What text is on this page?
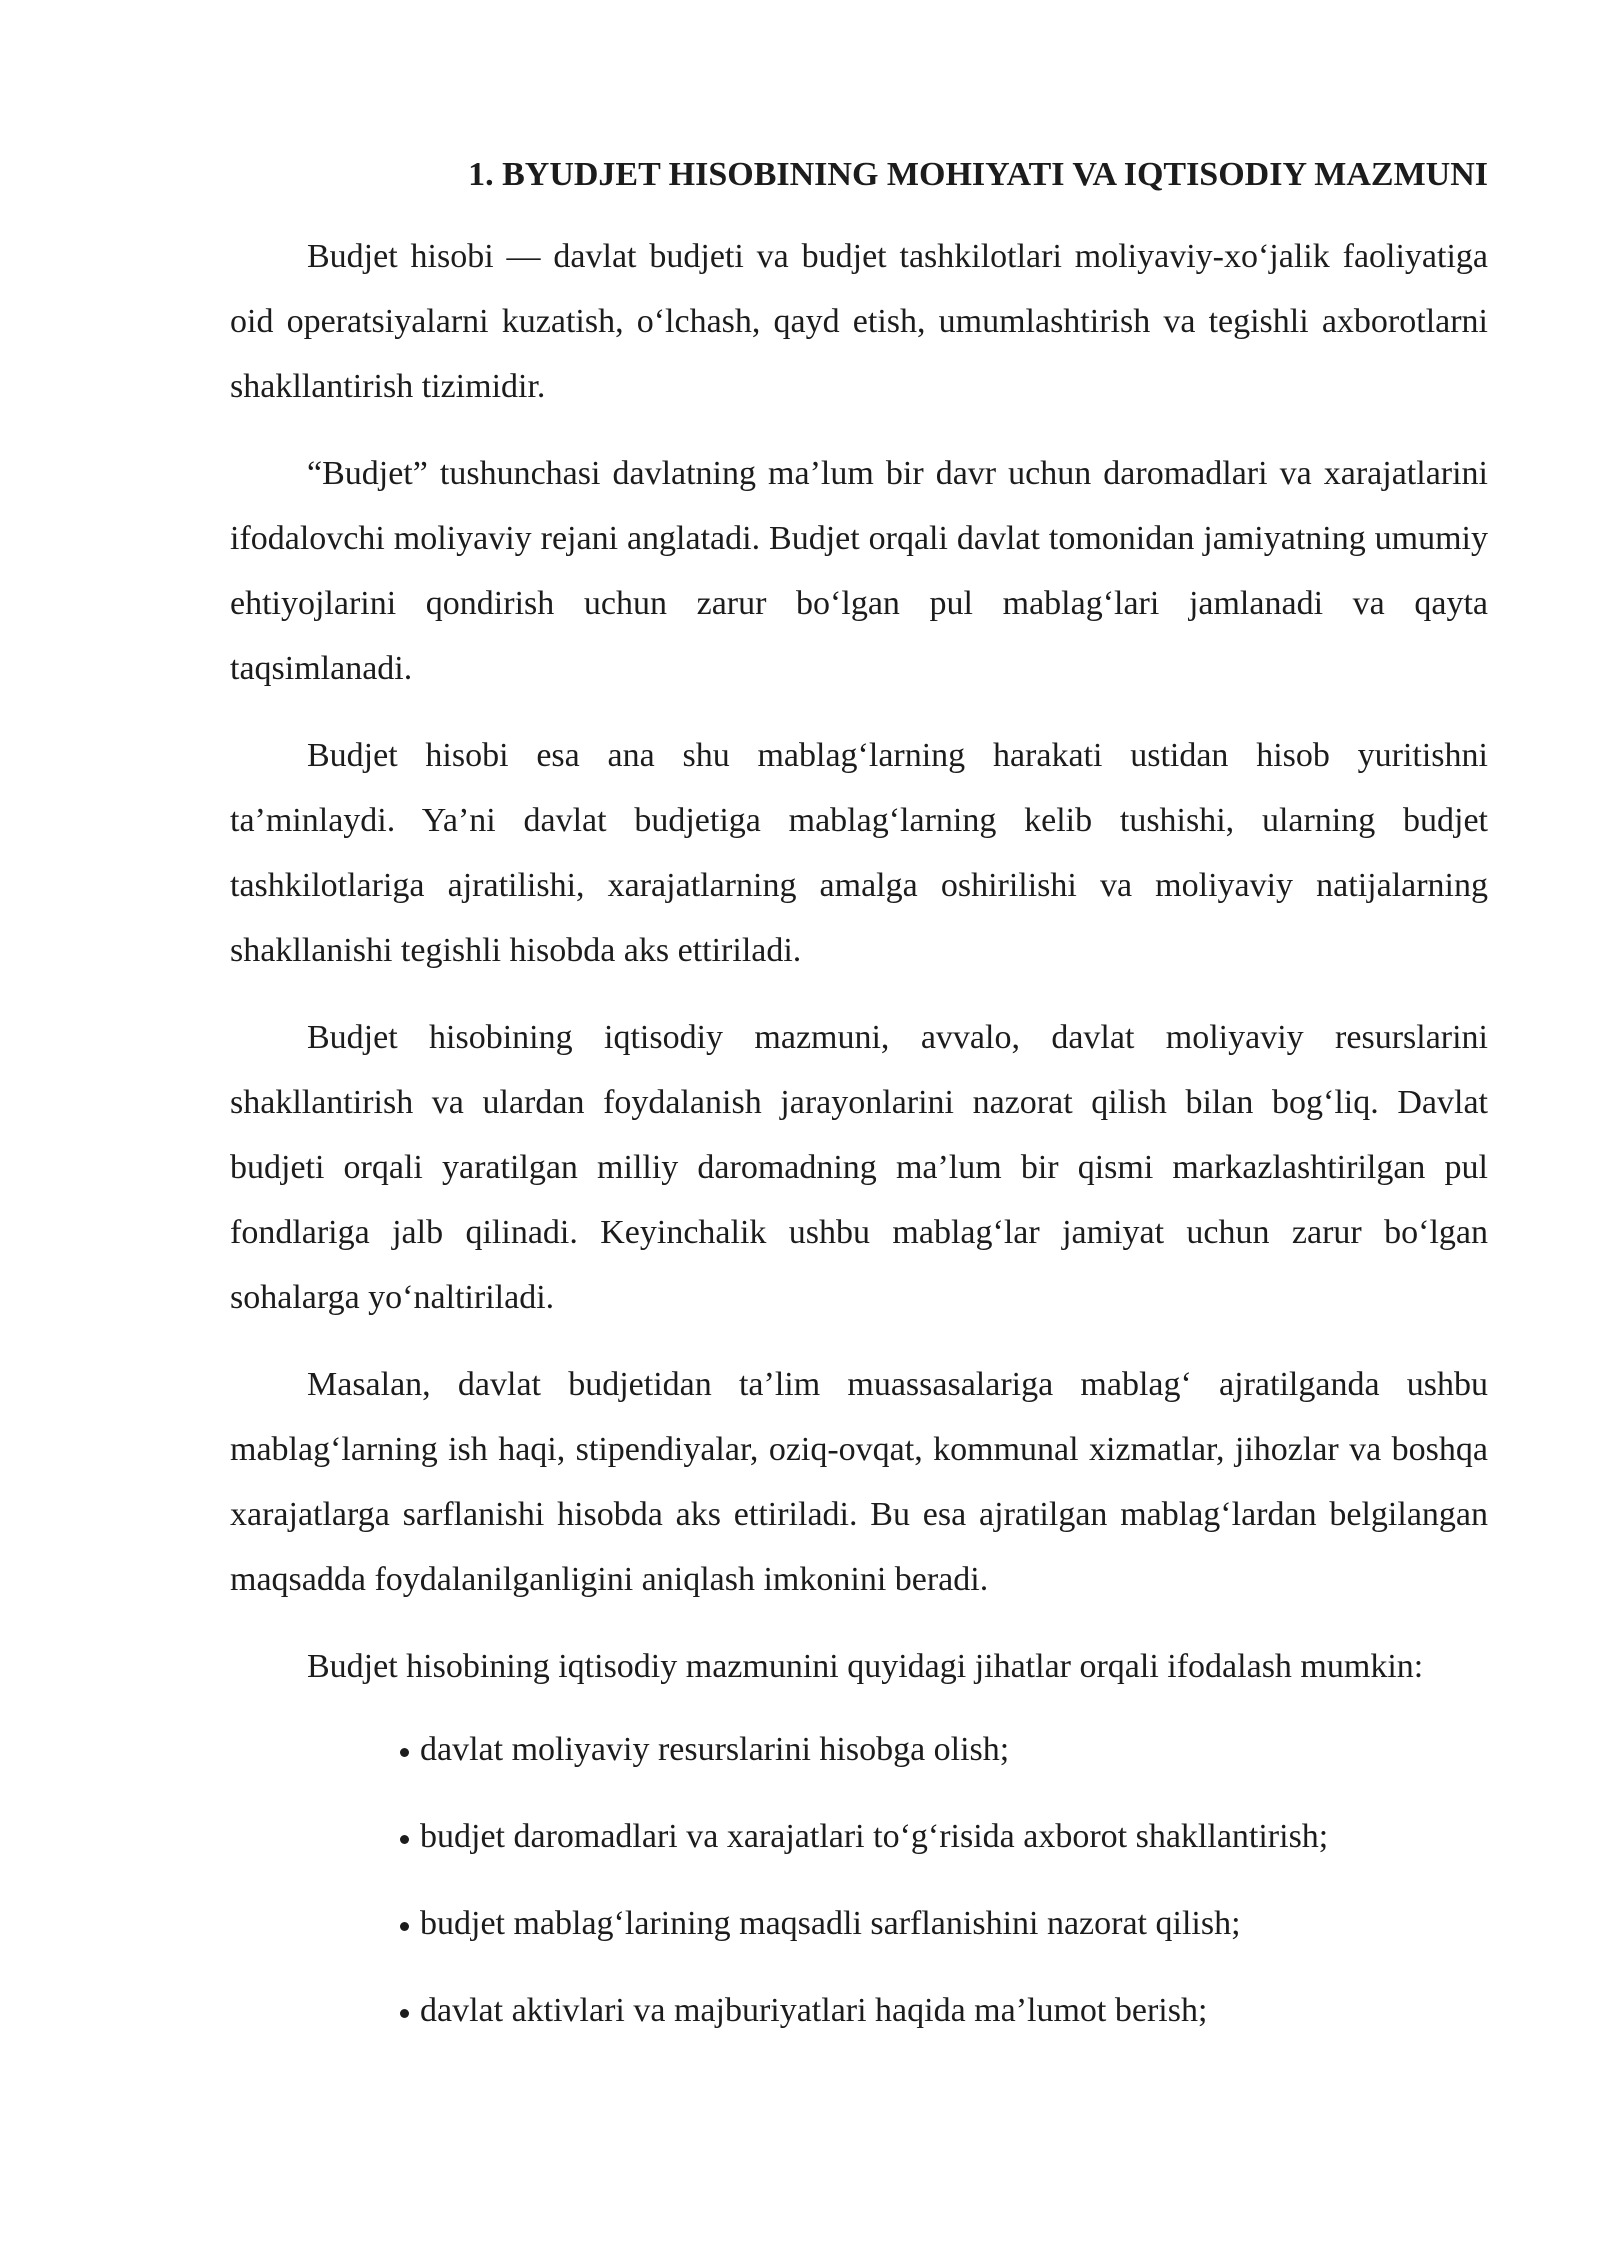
1. BYUDJET HISOBINING MOHIYATI VA IQTISODIY MAZMUNI

Budjet hisobi — davlat budjeti va budjet tashkilotlari moliyaviy-xo‘jalik faoliyatiga oid operatsiyalarni kuzatish, o‘lchash, qayd etish, umumlashtirish va tegishli axborotlarni shakllantirish tizimidir.

“Budjet” tushunchasi davlatning ma’lum bir davr uchun daromadlari va xarajatlarini ifodalovchi moliyaviy rejani anglatadi. Budjet orqali davlat tomonidan jamiyatning umumiy ehtiyojlarini qondirish uchun zarur bo‘lgan pul mablag‘lari jamlanadi va qayta taqsimlanadi.

Budjet hisobi esa ana shu mablag‘larning harakati ustidan hisob yuritishni ta’minlaydi. Ya’ni davlat budjetiga mablag‘larning kelib tushishi, ularning budjet tashkilotlariga ajratilishi, xarajatlarning amalga oshirilishi va moliyaviy natijalarning shakllanishi tegishli hisobda aks ettiriladi.

Budjet hisobining iqtisodiy mazmuni, avvalo, davlat moliyaviy resurslarini shakllantirish va ulardan foydalanish jarayonlarini nazorat qilish bilan bog‘liq. Davlat budjeti orqali yaratilgan milliy daromadning ma’lum bir qismi markazlashtirilgan pul fondlariga jalb qilinadi. Keyinchalik ushbu mablag‘lar jamiyat uchun zarur bo‘lgan sohalarga yo‘naltiriladi.

Masalan, davlat budjetidan ta’lim muassasalariga mablag‘ ajratilganda ushbu mablag‘larning ish haqi, stipendiyalar, oziq-ovqat, kommunal xizmatlar, jihozlar va boshqa xarajatlarga sarflanishi hisobda aks ettiriladi. Bu esa ajratilgan mablag‘lardan belgilangan maqsadda foydalanilganligini aniqlash imkonini beradi.

Budjet hisobining iqtisodiy mazmunini quyidagi jihatlar orqali ifodalash mumkin:

davlat moliyaviy resurslarini hisobga olish;
budjet daromadlari va xarajatlari to‘g‘risida axborot shakllantirish;
budjet mablag‘larining maqsadli sarflanishini nazorat qilish;
davlat aktivlari va majburiyatlari haqida ma’lumot berish;
